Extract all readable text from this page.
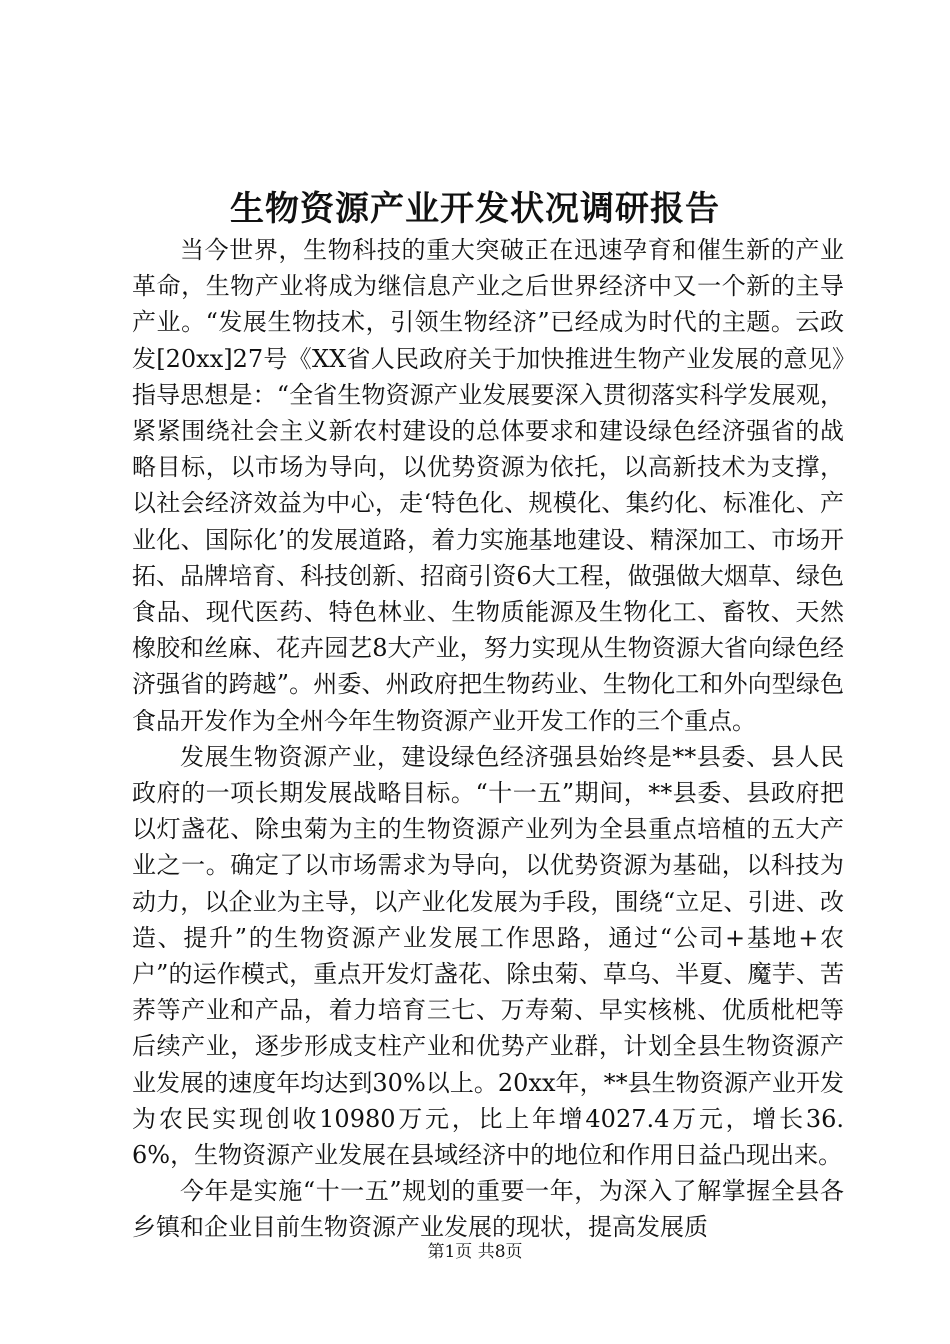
生物资源产业开发状况调研报告

当今世界，生物科技的重大突破正在迅速孕育和催生新的产业革命，生物产业将成为继信息产业之后世界经济中又一个新的主导产业。“发展生物技术，引领生物经济”已经成为时代的主题。云政发[20xx]27号《XX省人民政府关于加快推进生物产业发展的意见》指导思想是：“全省生物资源产业发展要深入贯彻落实科学发展观，紧紧围绕社会主义新农村建设的总体要求和建设绿色经济强省的战略目标，以市场为导向，以优势资源为依托，以高新技术为支撑，以社会经济效益为中心，走‘特色化、规模化、集约化、标准化、产业化、国际化’的发展道路，着力实施基地建设、精深加工、市场开拓、品牌培育、科技创新、招商引资6大工程，做强做大烟草、绿色食品、现代医药、特色林业、生物质能源及生物化工、畜牧、天然橡胶和丝麻、花卉园艺8大产业，努力实现从生物资源大省向绿色经济强省的跨越”。州委、州政府把生物药业、生物化工和外向型绿色食品开发作为全州今年生物资源产业开发工作的三个重点。

发展生物资源产业，建设绿色经济强县始终是**县委、县人民政府的一项长期发展战略目标。“十一五”期间，**县委、县政府把以灯盏花、除虫菊为主的生物资源产业列为全县重点培植的五大产业之一。确定了以市场需求为导向，以优势资源为基础，以科技为动力，以企业为主导，以产业化发展为手段，围绕“立足、引进、改造、提升”的生物资源产业发展工作思路，通过“公司+基地+农户”的运作模式，重点开发灯盏花、除虫菊、草乌、半夏、魔芋、苦荞等产业和产品，着力培育三七、万寿菊、早实核桃、优质枇杷等后续产业，逐步形成支柱产业和优势产业群，计划全县生物资源产业发展的速度年均达到30%以上。20xx年，**县生物资源产业开发为农民实现创收10980万元，比上年增4027.4万元，增长36.6%，生物资源产业发展在县域经济中的地位和作用日益凸现出来。

今年是实施“十一五”规划的重要一年，为深入了解掌握全县各乡镇和企业目前生物资源产业发展的现状，提高发展质

第1页 共8页
